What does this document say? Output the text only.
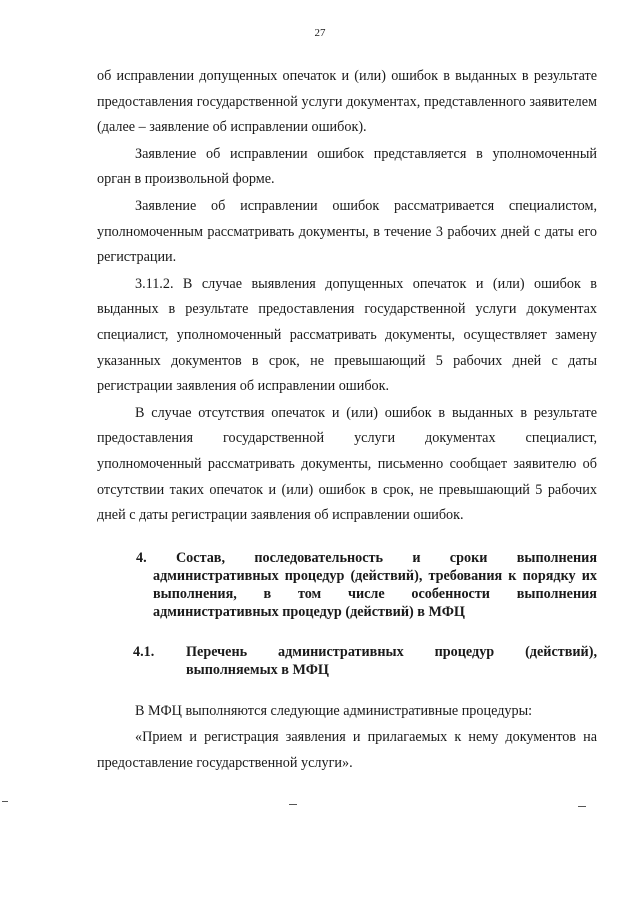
27

об исправлении допущенных опечаток и (или) ошибок в выданных в результате предоставления государственной услуги документах, представленного заявителем (далее – заявление об исправлении ошибок).

Заявление об исправлении ошибок представляется в уполномоченный орган в произвольной форме.

Заявление об исправлении ошибок рассматривается специалистом, уполномоченным рассматривать документы, в течение 3 рабочих дней с даты его регистрации.

3.11.2. В случае выявления допущенных опечаток и (или) ошибок в выданных в результате предоставления государственной услуги документах специалист, уполномоченный рассматривать документы, осуществляет замену указанных документов в срок, не превышающий 5 рабочих дней с даты регистрации заявления об исправлении ошибок.

В случае отсутствия опечаток и (или) ошибок в выданных в результате предоставления государственной услуги документах специалист, уполномоченный рассматривать документы, письменно сообщает заявителю об отсутствии таких опечаток и (или) ошибок в срок, не превышающий 5 рабочих дней с даты регистрации заявления об исправлении ошибок.

4. Состав, последовательность и сроки выполнения административных процедур (действий), требования к порядку их выполнения, в том числе особенности выполнения административных процедур (действий) в МФЦ

4.1.	Перечень административных процедур (действий), выполняемых в МФЦ

В МФЦ выполняются следующие административные процедуры:

«Прием и регистрация заявления и прилагаемых к нему документов на предоставление государственной услуги».
